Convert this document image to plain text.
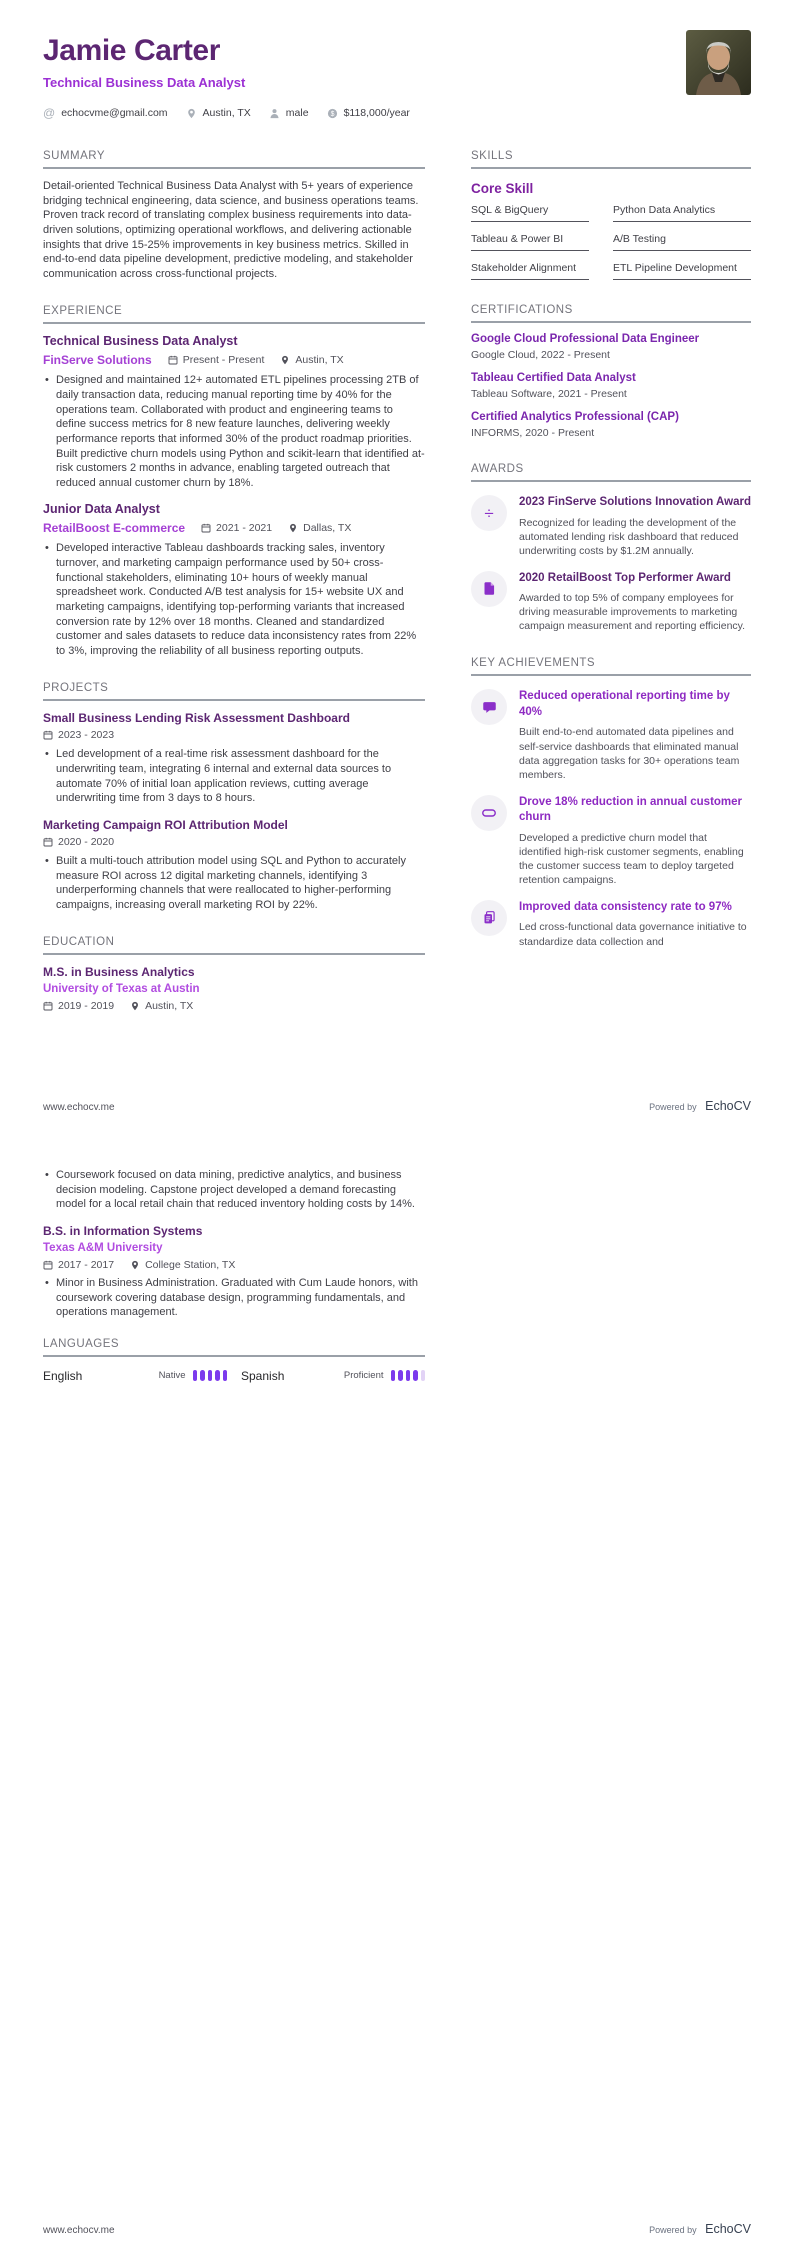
Jamie Carter
Technical Business Data Analyst
@ echocvme@gmail.com	Austin, TX	male	$ $118,000/year
SUMMARY
Detail-oriented Technical Business Data Analyst with 5+ years of experience bridging technical engineering, data science, and business operations teams. Proven track record of translating complex business requirements into data-driven solutions, optimizing operational workflows, and delivering actionable insights that drive 15-25% improvements in key business metrics. Skilled in end-to-end data pipeline development, predictive modeling, and stakeholder communication across cross-functional projects.
EXPERIENCE
Technical Business Data Analyst
FinServe Solutions	Present - Present	Austin, TX
• Designed and maintained 12+ automated ETL pipelines processing 2TB of daily transaction data, reducing manual reporting time by 40% for the operations team. Collaborated with product and engineering teams to define success metrics for 8 new feature launches, delivering weekly performance reports that informed 30% of the product roadmap priorities. Built predictive churn models using Python and scikit-learn that identified at-risk customers 2 months in advance, enabling targeted outreach that reduced annual customer churn by 18%.
Junior Data Analyst
RetailBoost E-commerce	2021 - 2021	Dallas, TX
• Developed interactive Tableau dashboards tracking sales, inventory turnover, and marketing campaign performance used by 50+ cross-functional stakeholders, eliminating 10+ hours of weekly manual spreadsheet work. Conducted A/B test analysis for 15+ website UX and marketing campaigns, identifying top-performing variants that increased conversion rate by 12% over 18 months. Cleaned and standardized customer and sales datasets to reduce data inconsistency rates from 22% to 3%, improving the reliability of all business reporting outputs.
PROJECTS
Small Business Lending Risk Assessment Dashboard
2023 - 2023
• Led development of a real-time risk assessment dashboard for the underwriting team, integrating 6 internal and external data sources to automate 70% of initial loan application reviews, cutting average underwriting time from 3 days to 8 hours.
Marketing Campaign ROI Attribution Model
2020 - 2020
• Built a multi-touch attribution model using SQL and Python to accurately measure ROI across 12 digital marketing channels, identifying 3 underperforming channels that were reallocated to higher-performing campaigns, increasing overall marketing ROI by 22%.
EDUCATION
M.S. in Business Analytics
University of Texas at Austin
2019 - 2019	Austin, TX
SKILLS
Core Skill
SQL & BigQuery	Python Data Analytics
Tableau & Power BI	A/B Testing
Stakeholder Alignment	ETL Pipeline Development
CERTIFICATIONS
Google Cloud Professional Data Engineer
Google Cloud, 2022 - Present
Tableau Certified Data Analyst
Tableau Software, 2021 - Present
Certified Analytics Professional (CAP)
INFORMS, 2020 - Present
AWARDS
÷
2023 FinServe Solutions Innovation Award
Recognized for leading the development of the automated lending risk dashboard that reduced underwriting costs by $1.2M annually.
2020 RetailBoost Top Performer Award
Awarded to top 5% of company employees for driving measurable improvements to marketing campaign measurement and reporting efficiency.
KEY ACHIEVEMENTS
Reduced operational reporting time by 40%
Built end-to-end automated data pipelines and self-service dashboards that eliminated manual data aggregation tasks for 30+ operations team members.
Drove 18% reduction in annual customer churn
Developed a predictive churn model that identified high-risk customer segments, enabling the customer success team to deploy targeted retention campaigns.
Improved data consistency rate to 97%
Led cross-functional data governance initiative to standardize data collection and
www.echocv.me	Powered by EchoCV
• Coursework focused on data mining, predictive analytics, and business decision modeling. Capstone project developed a demand forecasting model for a local retail chain that reduced inventory holding costs by 14%.
B.S. in Information Systems
Texas A&M University
2017 - 2017	College Station, TX
• Minor in Business Administration. Graduated with Cum Laude honors, with coursework covering database design, programming fundamentals, and operations management.
LANGUAGES
English	Native	Spanish	Proficient
www.echocv.me	Powered by EchoCV
